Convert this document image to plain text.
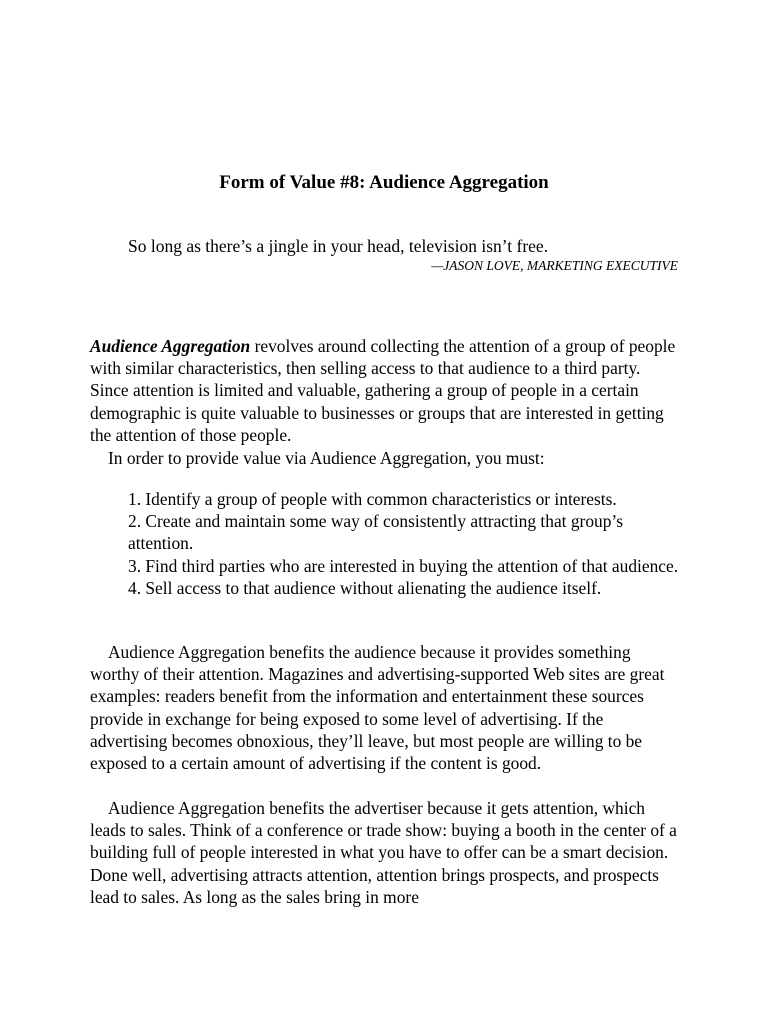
Form of Value #8: Audience Aggregation

So long as there’s a jingle in your head, television isn’t free.

—JASON LOVE, MARKETING EXECUTIVE

Audience Aggregation revolves around collecting the attention of a group of people with similar characteristics, then selling access to that audience to a third party. Since attention is limited and valuable, gathering a group of people in a certain demographic is quite valuable to businesses or groups that are interested in getting the attention of those people.

In order to provide value via Audience Aggregation, you must:

1. Identify a group of people with common characteristics or interests.
2. Create and maintain some way of consistently attracting that group’s attention.
3. Find third parties who are interested in buying the attention of that audience.
4. Sell access to that audience without alienating the audience itself.

Audience Aggregation benefits the audience because it provides something worthy of their attention. Magazines and advertising-supported Web sites are great examples: readers benefit from the information and entertainment these sources provide in exchange for being exposed to some level of advertising. If the advertising becomes obnoxious, they’ll leave, but most people are willing to be exposed to a certain amount of advertising if the content is good.

Audience Aggregation benefits the advertiser because it gets attention, which leads to sales. Think of a conference or trade show: buying a booth in the center of a building full of people interested in what you have to offer can be a smart decision. Done well, advertising attracts attention, attention brings prospects, and prospects lead to sales. As long as the sales bring in more
